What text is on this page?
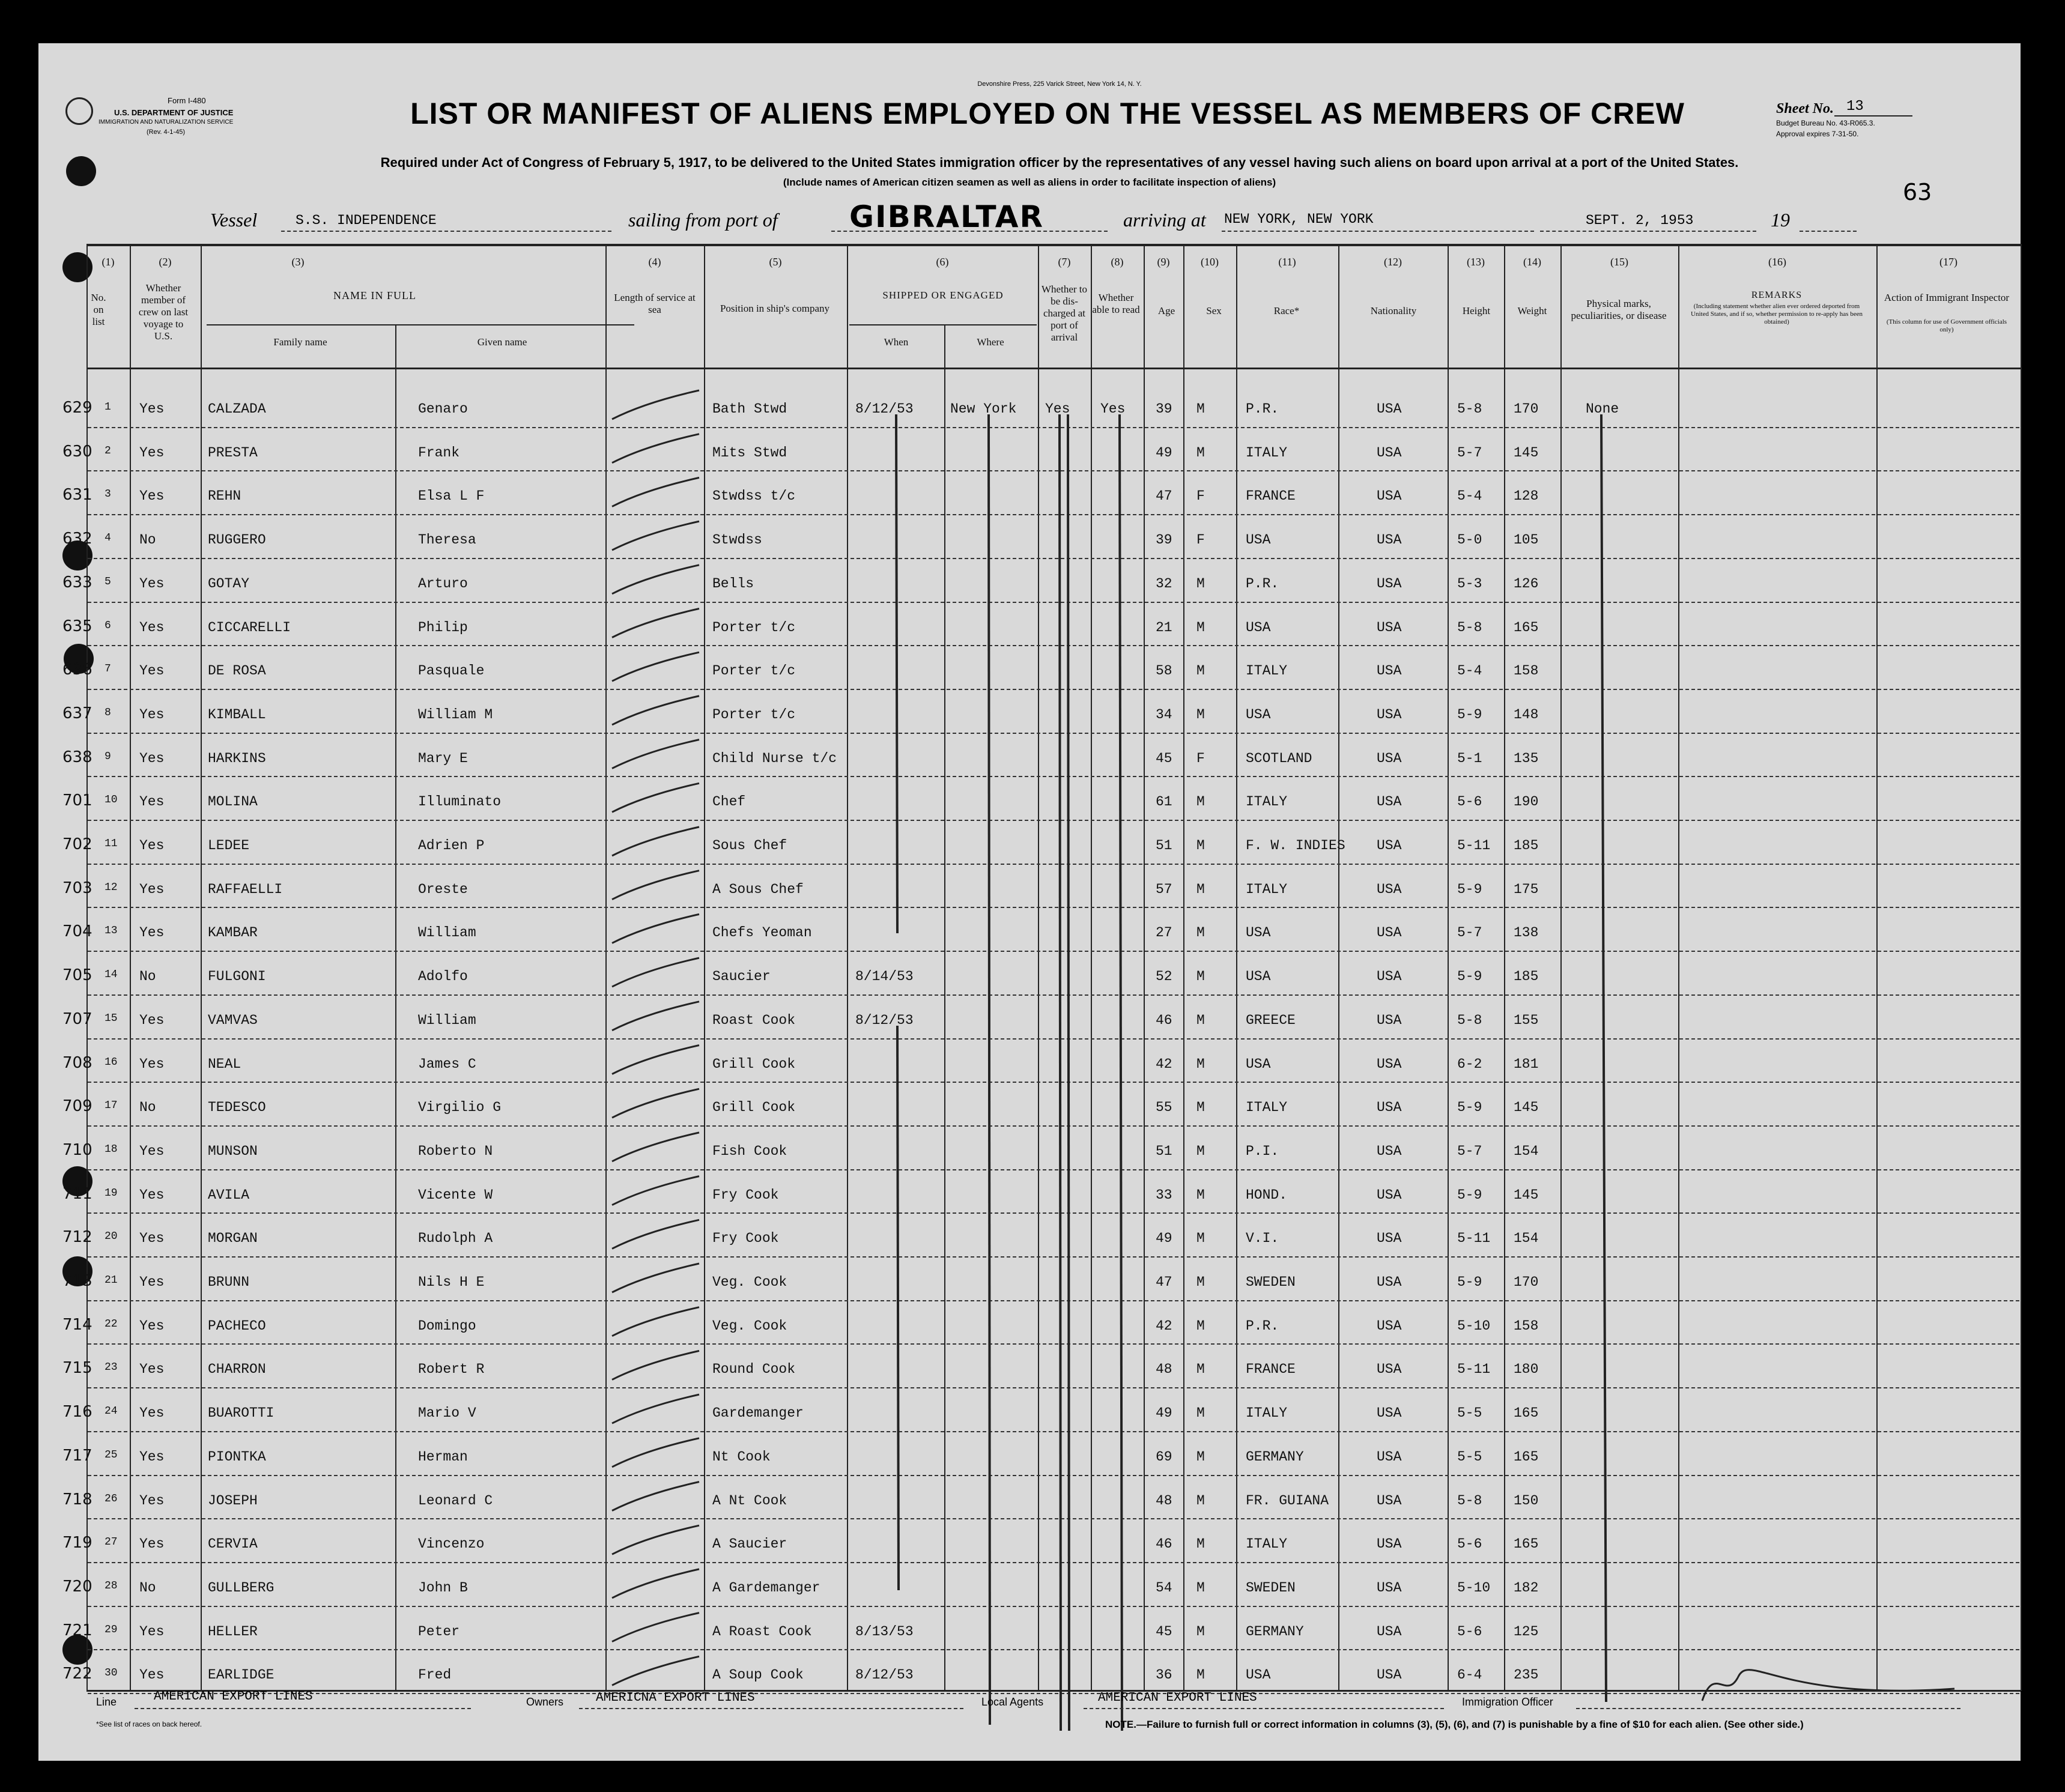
Devonshire Press, 225 Varick Street, New York 14, N. Y.
Form I-480
U.S. DEPARTMENT OF JUSTICE
IMMIGRATION AND NATURALIZATION SERVICE
(Rev. 4-1-45)
LIST OR MANIFEST OF ALIENS EMPLOYED ON THE VESSEL AS MEMBERS OF CREW	Sheet No. 13
Budget Bureau No. 43-R065.3.
Approval expires 7-31-50.
Required under Act of Congress of February 5, 1917, to be delivered to the United States immigration officer by the representatives of any vessel having such aliens on board upon arrival at a port of the United States.
(Include names of American citizen seamen as well as aliens in order to facilitate inspection of aliens)	63
Vessel	S.S. INDEPENDENCE	sailing from port of GIBRALTAR	arriving at NEW YORK, NEW YORK	SEPT. 2, 1953	19
(1)	(2)	(3)	(4)	(5)	(6)	(7)	(8)	(9)	(10)	(11)	(12)	(13)	(14)	(15)	(16)	(17)
No. on list
Whether member of crew on last voyage to U.S.
NAME IN FULL
Family name	Given name
Length of service at sea	Position in ship's company
SHIPPED OR ENGAGED
When	Where
Whether to be dis-charged at port of arrival
Whether able to read	Age	Sex	Race*	Nationality	Height	Weight
Physical marks, peculiarities, or disease
REMARKS
(Including statement whether alien ever ordered deported from United States, and if so, whether permission to re-apply has been obtained)
Action of Immigrant Inspector
(This column for use of Government officials only)
629 1 Yes	CALZADA	Genaro	Bath Stwd	8/12/53	New York Yes Yes 39 M	P.R.	USA	5-8 170	None
630 2 Yes	PRESTA	Frank	Mits Stwd	49 M	ITALY	USA	5-7 145
631 3 Yes	REHN	Elsa L F	Stwdss t/c	47 F	FRANCE	USA	5-4 128
632 4 No	RUGGERO	Theresa	Stwdss	39 F	USA	USA	5-0 105
633 5 Yes	GOTAY	Arturo	Bells	32 M	P.R.	USA	5-3 126
635 6 Yes	CICCARELLI	Philip	Porter t/c	21 M	USA	USA	5-8 165
636 7 Yes	DE ROSA	Pasquale	Porter t/c	58 M	ITALY	USA	5-4 158
637 8 Yes	KIMBALL	William M	Porter t/c	34 M	USA	USA	5-9 148
638 9 Yes	HARKINS	Mary E	Child Nurse t/c	45 F	SCOTLAND	USA	5-1 135
701 10 Yes	MOLINA	Illuminato	Chef	61 M	ITALY	USA	5-6 190
702 11 Yes	LEDEE	Adrien P	Sous Chef	51 M	F. W. INDIES USA	5-11 185
703 12 Yes	RAFFAELLI	Oreste	A Sous Chef	57 M	ITALY	USA	5-9 175
704 13 Yes	KAMBAR	William	Chefs Yeoman	27 M	USA	USA	5-7 138
705 14 No	FULGONI	Adolfo	Saucier	8/14/53	52 M	USA	USA	5-9 185
707 15 Yes	VAMVAS	William	Roast Cook	8/12/53	46 M	GREECE	USA	5-8 155
708 16 Yes	NEAL	James C	Grill Cook	42 M	USA	USA	6-2 181
709 17 No	TEDESCO	Virgilio G	Grill Cook	55 M	ITALY	USA	5-9 145
710 18 Yes	MUNSON	Roberto N	Fish Cook	51 M	P.I.	USA	5-7 154
711 19 Yes	AVILA	Vicente W	Fry Cook	33 M	HOND.	USA	5-9 145
712 20 Yes	MORGAN	Rudolph A	Fry Cook	49 M	V.I.	USA	5-11 154
713 21 Yes	BRUNN	Nils H E	Veg. Cook	47 M	SWEDEN	USA	5-9 170
714 22 Yes	PACHECO	Domingo	Veg. Cook	42 M	P.R.	USA	5-10 158
715 23 Yes	CHARRON	Robert R	Round Cook	48 M	FRANCE	USA	5-11 180
716 24 Yes	BUAROTTI	Mario V	Gardemanger	49 M	ITALY	USA	5-5 165
717 25 Yes	PIONTKA	Herman	Nt Cook	69 M	GERMANY	USA	5-5 165
718 26 Yes	JOSEPH	Leonard C	A Nt Cook	48 M	FR. GUIANA	USA	5-8 150
719 27 Yes	CERVIA	Vincenzo	A Saucier	46 M	ITALY	USA	5-6 165
720 28 No	GULLBERG	John B	A Gardemanger	54 M	SWEDEN	USA	5-10 182
721 29 Yes	HELLER	Peter	A Roast Cook	8/13/53	45 M	GERMANY	USA	5-6 125
722 30 Yes	EARLIDGE	Fred	A Soup Cook	8/12/53	36 M	USA	USA	6-4 235
Line	AMERICAN EXPORT LINES	Owners	AMERICNA EXPORT LINES	Local Agents	AMERICAN EXPORT LINES	Immigration Officer
*See list of races on back hereof.	NOTE.—Failure to furnish full or correct information in columns (3), (5), (6), and (7) is punishable by a fine of $10 for each alien. (See other side.)
